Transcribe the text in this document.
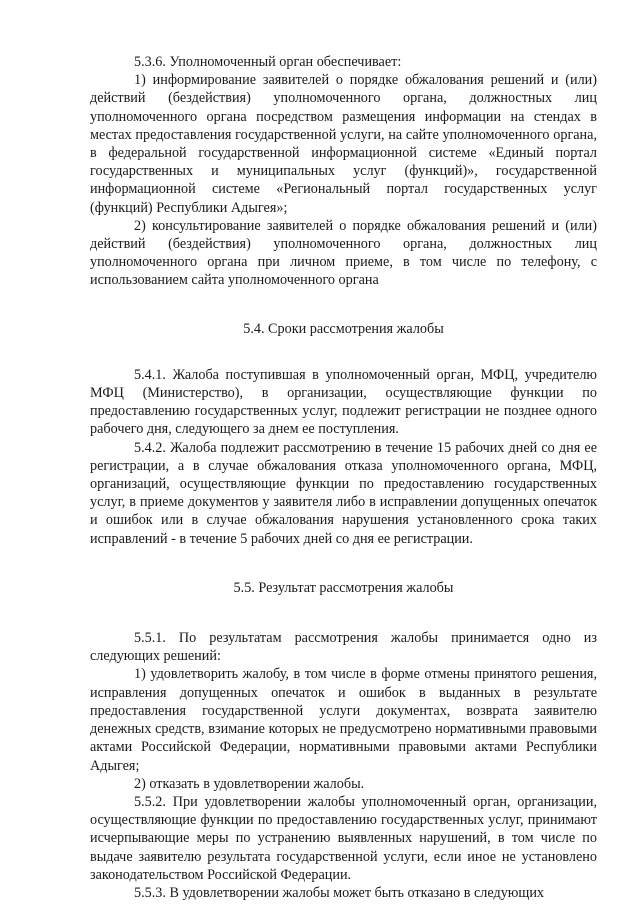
5.3.6. Уполномоченный орган обеспечивает:

1) информирование заявителей о порядке обжалования решений и (или) действий (бездействия) уполномоченного органа, должностных лиц уполномоченного органа посредством размещения информации на стендах в местах предоставления государственной услуги, на сайте уполномоченного органа, в федеральной государственной информационной системе «Единый портал государственных и муниципальных услуг (функций)», государственной информационной системе «Региональный портал государственных услуг (функций) Республики Адыгея»;

2) консультирование заявителей о порядке обжалования решений и (или) действий (бездействия) уполномоченного органа, должностных лиц уполномоченного органа при личном приеме, в том числе по телефону, с использованием сайта уполномоченного органа

5.4. Сроки рассмотрения жалобы

5.4.1. Жалоба поступившая в уполномоченный орган, МФЦ, учредителю МФЦ (Министерство), в организации, осуществляющие функции по предоставлению государственных услуг, подлежит регистрации не позднее одного рабочего дня, следующего за днем ее поступления.

5.4.2. Жалоба подлежит рассмотрению в течение 15 рабочих дней со дня ее регистрации, а в случае обжалования отказа уполномоченного органа, МФЦ, организаций, осуществляющие функции по предоставлению государственных услуг, в приеме документов у заявителя либо в исправлении допущенных опечаток и ошибок или в случае обжалования нарушения установленного срока таких исправлений - в течение 5 рабочих дней со дня ее регистрации.

5.5. Результат рассмотрения жалобы

5.5.1. По результатам рассмотрения жалобы принимается одно из следующих решений:

1) удовлетворить жалобу, в том числе в форме отмены принятого решения, исправления допущенных опечаток и ошибок в выданных в результате предоставления государственной услуги документах, возврата заявителю денежных средств, взимание которых не предусмотрено нормативными правовыми актами Российской Федерации, нормативными правовыми актами Республики Адыгея;

2) отказать в удовлетворении жалобы.

5.5.2. При удовлетворении жалобы уполномоченный орган, организации, осуществляющие функции по предоставлению государственных услуг, принимают исчерпывающие меры по устранению выявленных нарушений, в том числе по выдаче заявителю результата государственной услуги, если иное не установлено законодательством Российской Федерации.

5.5.3. В удовлетворении жалобы может быть отказано в следующих
